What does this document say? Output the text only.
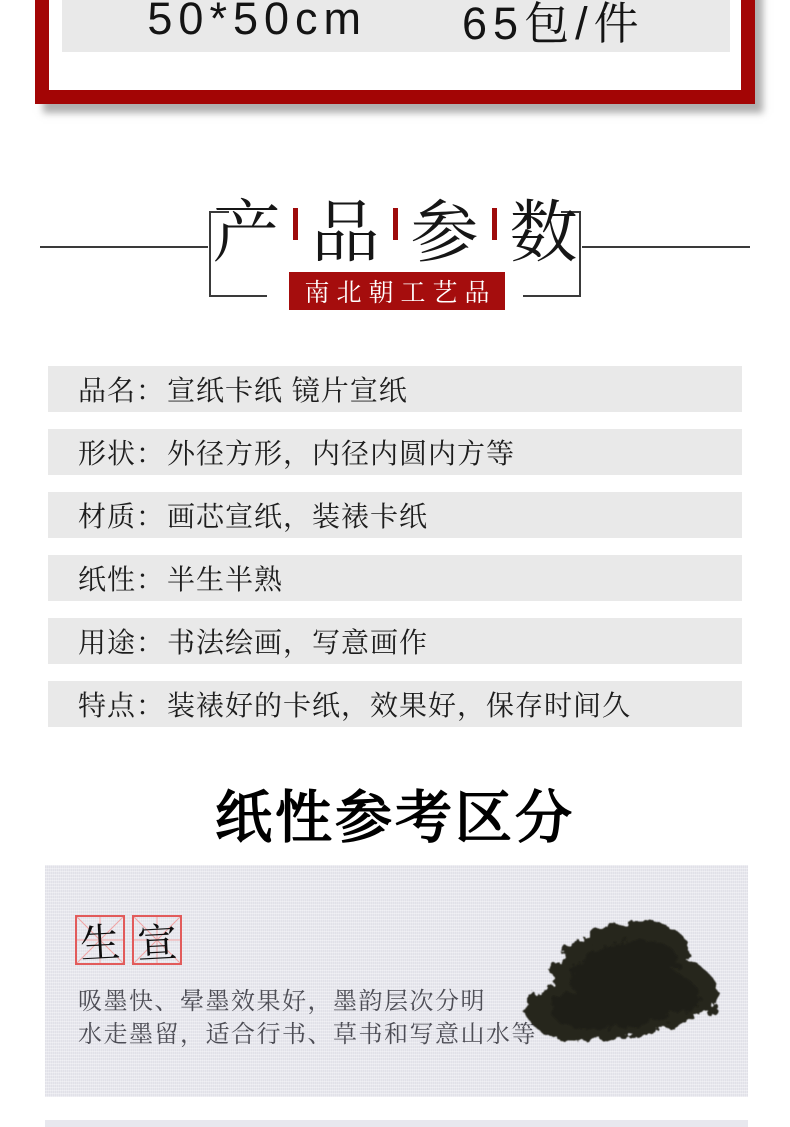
50*50cm 65包/件
产 品 参 数
南北朝工艺品
品名： 宣纸卡纸 镜片宣纸
形状： 外径方形，内径内圆内方等
材质： 画芯宣纸，装裱卡纸
纸性： 半生半熟
用途： 书法绘画，写意画作
特点： 装裱好的卡纸，效果好，保存时间久
纸性参考区分
生 宣
吸墨快、晕墨效果好，墨韵层次分明
水走墨留，适合行书、草书和写意山水等
